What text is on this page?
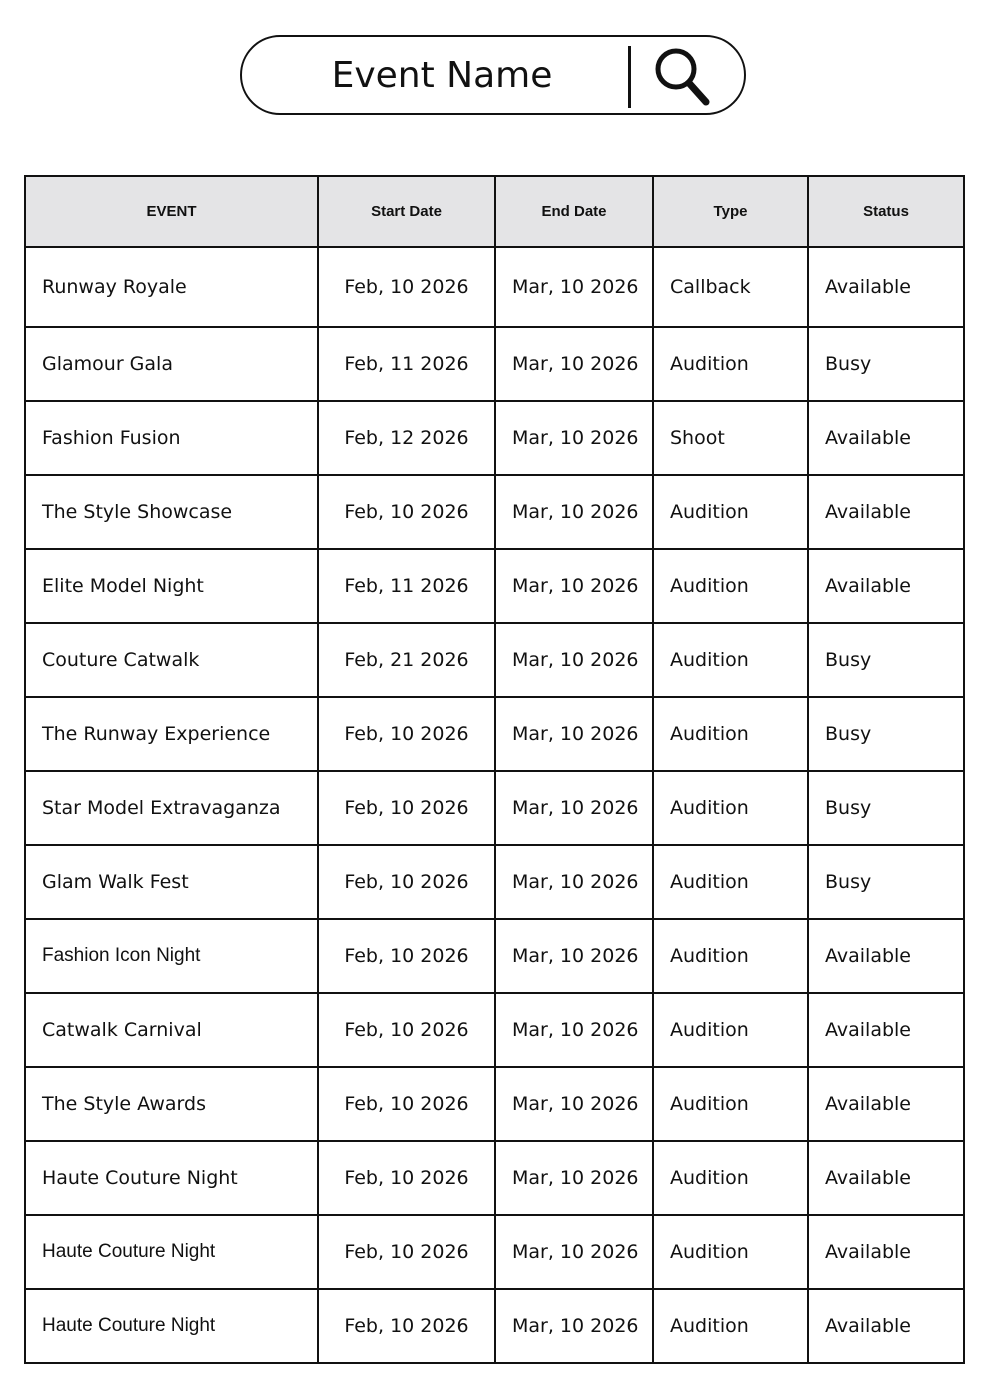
Event Name
EVENT	Start Date	End Date	Type	Status
Runway Royale	Feb, 10 2026	Mar, 10 2026	Callback	Available
Glamour Gala	Feb, 11 2026	Mar, 10 2026	Audition	Busy
Fashion Fusion	Feb, 12 2026	Mar, 10 2026	Shoot	Available
The Style Showcase	Feb, 10 2026	Mar, 10 2026	Audition	Available
Elite Model Night	Feb, 11 2026	Mar, 10 2026	Audition	Available
Couture Catwalk	Feb, 21 2026	Mar, 10 2026	Audition	Busy
The Runway Experience	Feb, 10 2026	Mar, 10 2026	Audition	Busy
Star Model Extravaganza	Feb, 10 2026	Mar, 10 2026	Audition	Busy
Glam Walk Fest	Feb, 10 2026	Mar, 10 2026	Audition	Busy
Fashion Icon Night	Feb, 10 2026	Mar, 10 2026	Audition	Available
Catwalk Carnival	Feb, 10 2026	Mar, 10 2026	Audition	Available
The Style Awards	Feb, 10 2026	Mar, 10 2026	Audition	Available
Haute Couture Night	Feb, 10 2026	Mar, 10 2026	Audition	Available
Haute Couture Night	Feb, 10 2026	Mar, 10 2026	Audition	Available
Haute Couture Night	Feb, 10 2026	Mar, 10 2026	Audition	Available
